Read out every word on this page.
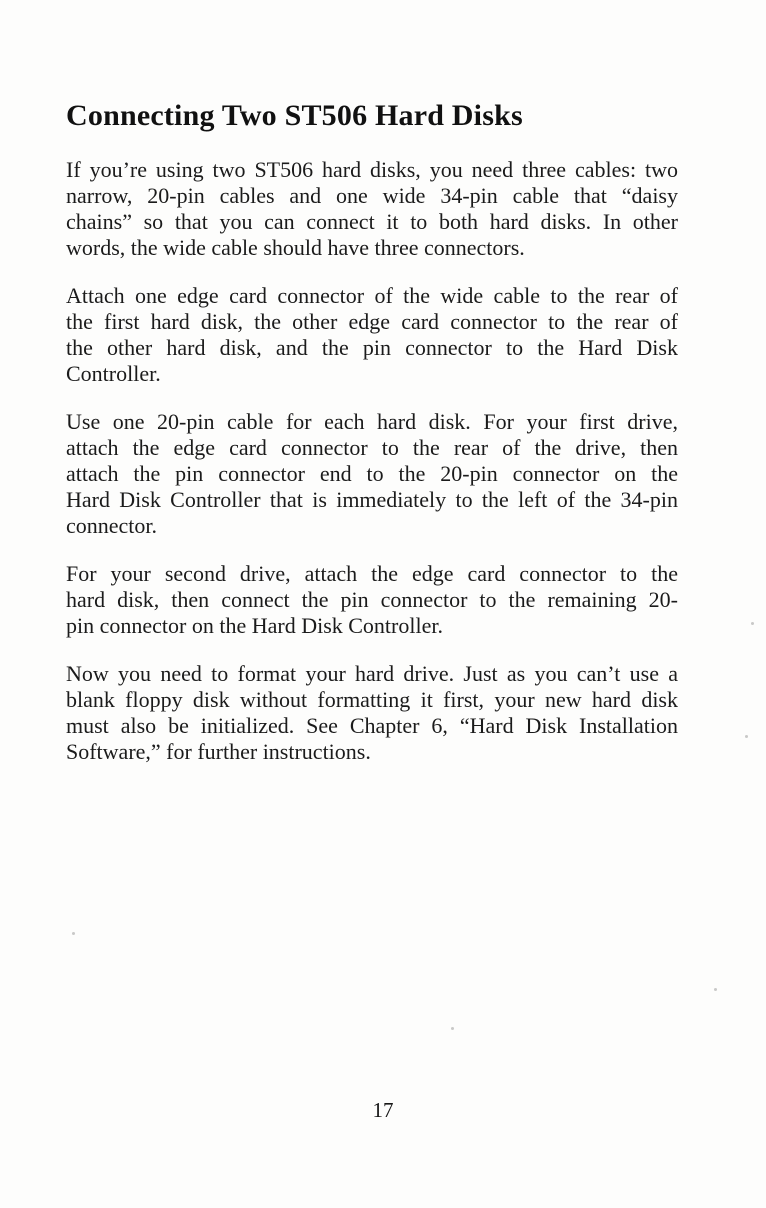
Connecting Two ST506 Hard Disks
If you’re using two ST506 hard disks, you need three cables: two
narrow, 20-pin cables and one wide 34-pin cable that “daisy
chains” so that you can connect it to both hard disks. In other
words, the wide cable should have three connectors.
Attach one edge card connector of the wide cable to the rear of
the first hard disk, the other edge card connector to the rear of
the other hard disk, and the pin connector to the Hard Disk
Controller.
Use one 20-pin cable for each hard disk. For your first drive,
attach the edge card connector to the rear of the drive, then
attach the pin connector end to the 20-pin connector on the
Hard Disk Controller that is immediately to the left of the 34-pin
connector.
For your second drive, attach the edge card connector to the
hard disk, then connect the pin connector to the remaining 20-
pin connector on the Hard Disk Controller.
Now you need to format your hard drive. Just as you can’t use a
blank floppy disk without formatting it first, your new hard disk
must also be initialized. See Chapter 6, “Hard Disk Installation
Software,” for further instructions.
17
